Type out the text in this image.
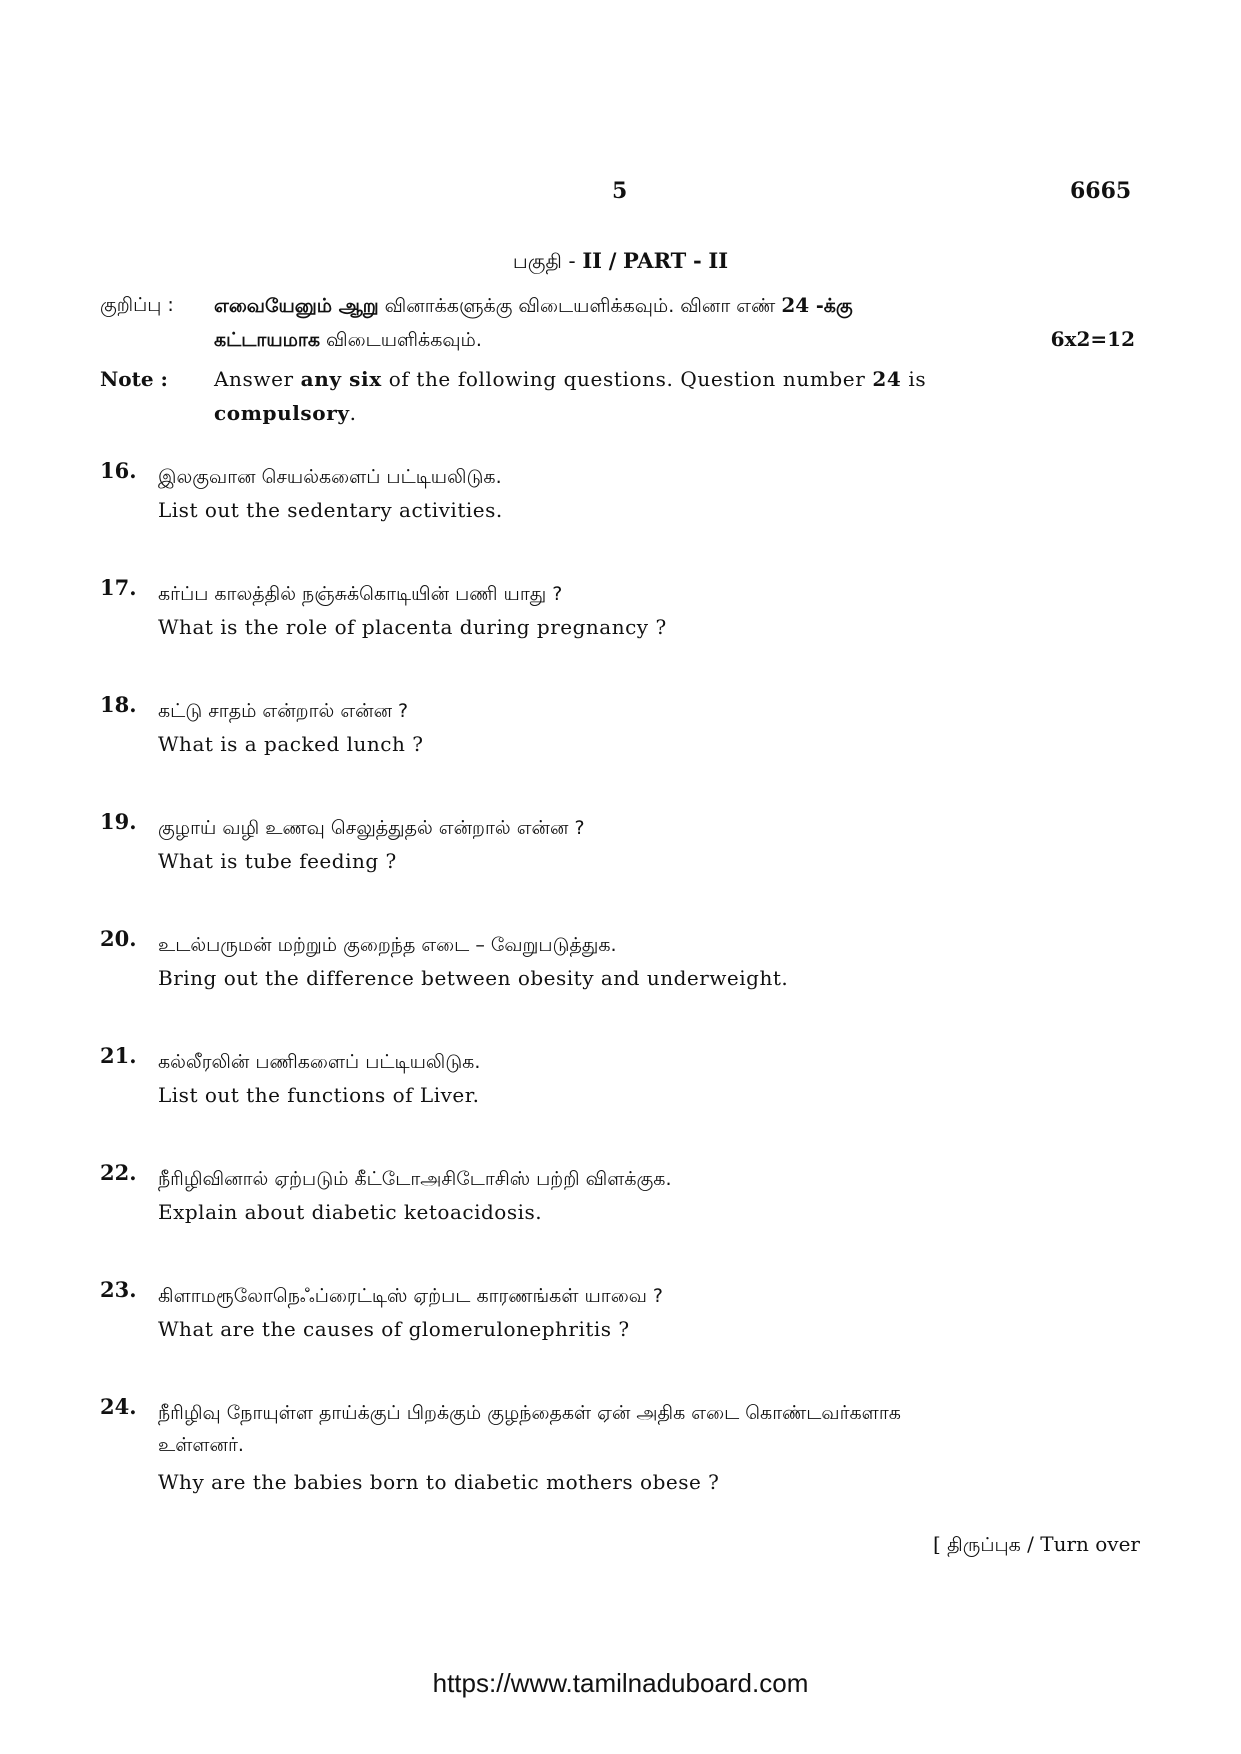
5	6665
பகுதி - II / PART - II
குறிப்பு : எவையேனும் ஆறு வினாக்களுக்கு விடையளிக்கவும். வினா எண் 24 -க்கு
கட்டாயமாக விடையளிக்கவும்.	6x2=12
Note : Answer any six of the following questions. Question number 24 is
compulsory.
16. இலகுவான செயல்களைப் பட்டியலிடுக.
List out the sedentary activities.
17. கர்ப்ப காலத்தில் நஞ்சுக்கொடியின் பணி யாது ?
What is the role of placenta during pregnancy ?
18. கட்டு சாதம் என்றால் என்ன ?
What is a packed lunch ?
19. குழாய் வழி உணவு செலுத்துதல் என்றால் என்ன ?
What is tube feeding ?
20. உடல்பருமன் மற்றும் குறைந்த எடை – வேறுபடுத்துக.
Bring out the difference between obesity and underweight.
21. கல்லீரலின் பணிகளைப் பட்டியலிடுக.
List out the functions of Liver.
22. நீரிழிவினால் ஏற்படும் கீட்டோஅசிடோசிஸ் பற்றி விளக்குக.
Explain about diabetic ketoacidosis.
23. கிளாமரூலோநெஃப்ரைட்டிஸ் ஏற்பட காரணங்கள் யாவை ?
What are the causes of glomerulonephritis ?
24. நீரிழிவு நோயுள்ள தாய்க்குப் பிறக்கும் குழந்தைகள் ஏன் அதிக எடை கொண்டவர்களாக
உள்ளனர்.
Why are the babies born to diabetic mothers obese ?
[ திருப்புக / Turn over
https://www.tamilnaduboard.com
